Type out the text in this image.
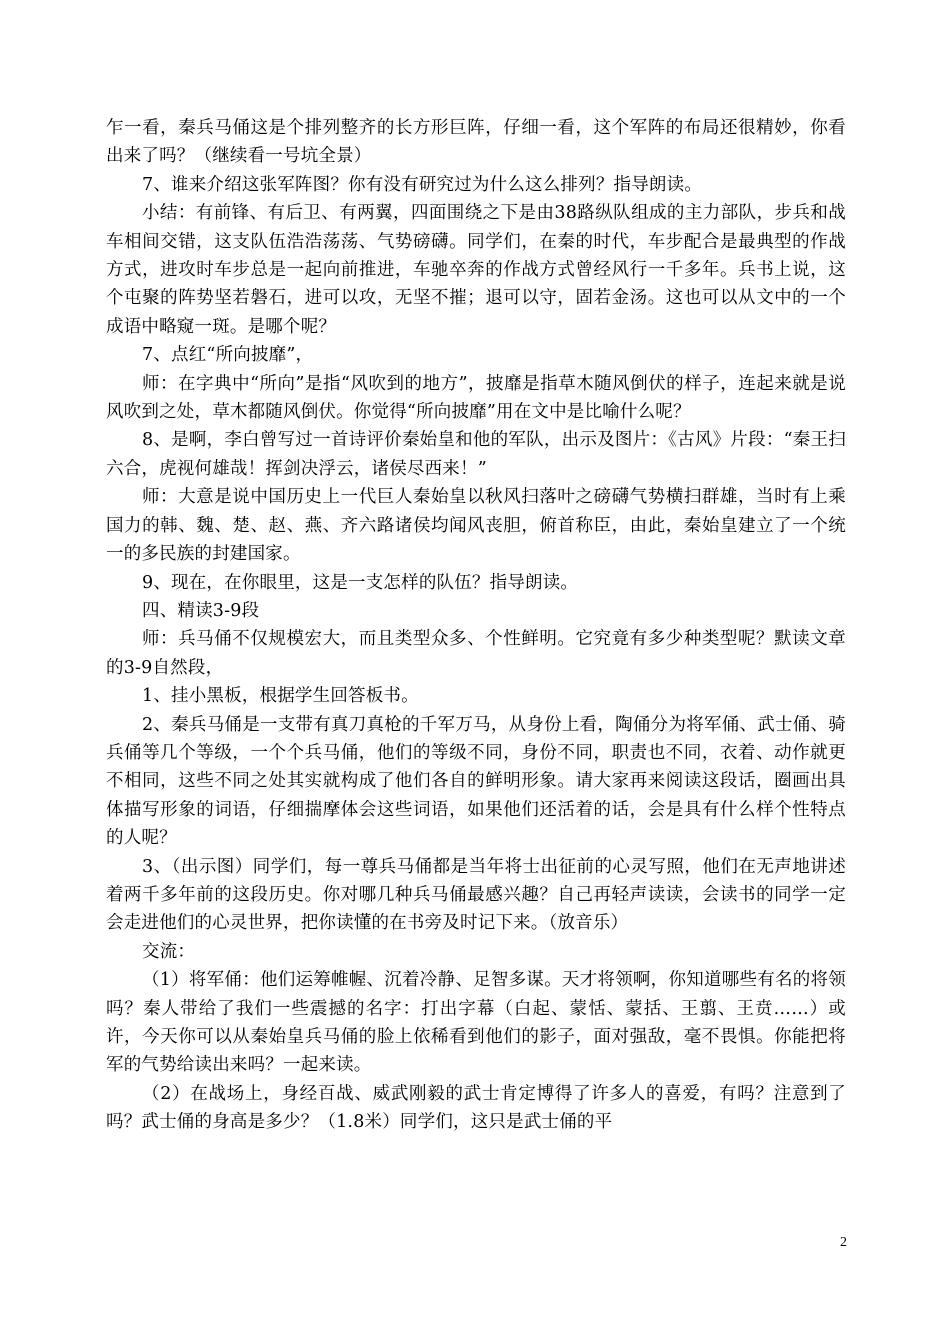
乍一看，秦兵马俑这是个排列整齐的长方形巨阵，仔细一看，这个军阵的布局还很精妙，你看出来了吗？（继续看一号坑全景）

7、谁来介绍这张军阵图？你有没有研究过为什么这么排列？指导朗读。

小结：有前锋、有后卫、有两翼，四面围绕之下是由38路纵队组成的主力部队，步兵和战车相间交错，这支队伍浩浩荡荡、气势磅礴。同学们，在秦的时代，车步配合是最典型的作战方式，进攻时车步总是一起向前推进，车驰卒奔的作战方式曾经风行一千多年。兵书上说，这个屯聚的阵势坚若磐石，进可以攻，无坚不摧；退可以守，固若金汤。这也可以从文中的一个成语中略窥一斑。是哪个呢？

7、点红“所向披靡”，

师：在字典中“所向”是指“风吹到的地方”，披靡是指草木随风倒伏的样子，连起来就是说风吹到之处，草木都随风倒伏。你觉得“所向披靡”用在文中是比喻什么呢？

8、是啊，李白曾写过一首诗评价秦始皇和他的军队，出示及图片：《古风》片段：“秦王扫六合，虎视何雄哉！挥剑决浮云，诸侯尽西来！”

师：大意是说中国历史上一代巨人秦始皇以秋风扫落叶之磅礴气势横扫群雄，当时有上乘国力的韩、魏、楚、赵、燕、齐六路诸侯均闻风丧胆，俯首称臣，由此，秦始皇建立了一个统一的多民族的封建国家。

9、现在，在你眼里，这是一支怎样的队伍？指导朗读。

四、精读3-9段

师：兵马俑不仅规模宏大，而且类型众多、个性鲜明。它究竟有多少种类型呢？默读文章的3-9自然段，

1、挂小黑板，根据学生回答板书。

2、秦兵马俑是一支带有真刀真枪的千军万马，从身份上看，陶俑分为将军俑、武士俑、骑兵俑等几个等级，一个个兵马俑，他们的等级不同，身份不同，职责也不同，衣着、动作就更不相同，这些不同之处其实就构成了他们各自的鲜明形象。请大家再来阅读这段话，圈画出具体描写形象的词语，仔细揣摩体会这些词语，如果他们还活着的话，会是具有什么样个性特点的人呢？

3、（出示图）同学们，每一尊兵马俑都是当年将士出征前的心灵写照，他们在无声地讲述着两千多年前的这段历史。你对哪几种兵马俑最感兴趣？自己再轻声读读，会读书的同学一定会走进他们的心灵世界，把你读懂的在书旁及时记下来。（放音乐）

交流：

（1）将军俑：他们运筹帷幄、沉着冷静、足智多谋。天才将领啊，你知道哪些有名的将领吗？秦人带给了我们一些震撼的名字：打出字幕（白起、蒙恬、蒙括、王翦、王贲……）或许，今天你可以从秦始皇兵马俑的脸上依稀看到他们的影子，面对强敌，毫不畏惧。你能把将军的气势给读出来吗？一起来读。

（2）在战场上，身经百战、威武刚毅的武士肯定博得了许多人的喜爱，有吗？注意到了吗？武士俑的身高是多少？（1.8米）同学们，这只是武士俑的平

2
